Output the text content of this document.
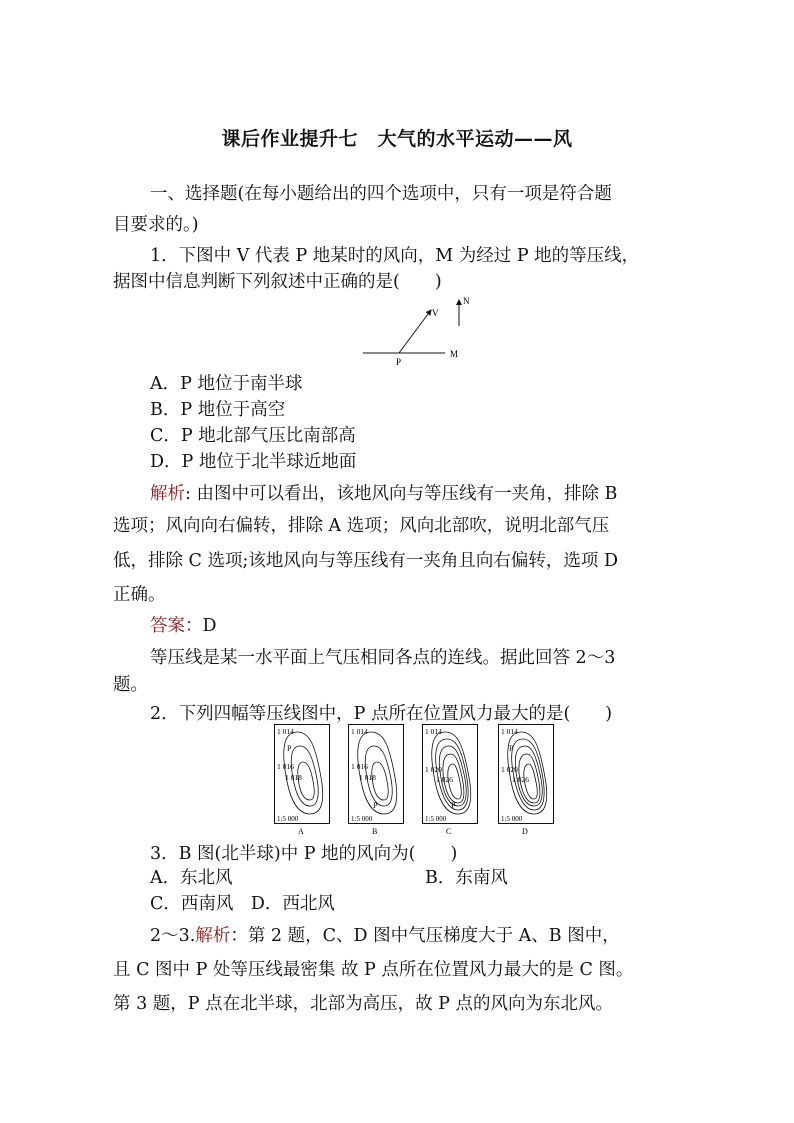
课后作业提升七　大气的水平运动——风
一、选择题(在每小题给出的四个选项中，只有一项是符合题
目要求的。)
1．下图中 V 代表 P 地某时的风向，M 为经过 P 地的等压线，
据图中信息判断下列叙述中正确的是(　　)
V
N
P
M
A．P 地位于南半球
B．P 地位于高空
C．P 地北部气压比南部高
D．P 地位于北半球近地面
解析: 由图中可以看出，该地风向与等压线有一夹角，排除 B
选项；风向向右偏转，排除 A 选项；风向北部吹，说明北部气压
低，排除 C 选项;该地风向与等压线有一夹角且向右偏转，选项 D
正确。
答案：D
等压线是某一水平面上气压相同各点的连线。据此回答 2～3
题。
2．下列四幅等压线图中，P 点所在位置风力最大的是(　　)
1 014
P
1 016
1 018
1:5 000
A
1 014
1 016
1 018
P
1:5 000
B
1 014
1 020
1 026
P
1:5 000
C
1 014
P
1 020
1 026
1:5 000
D
3．B 图(北半球)中 P 地的风向为(　　)
A．东北风	B．东南风
C．西南风　D．西北风
2～3.解析：第 2 题，C、D 图中气压梯度大于 A、B 图中，
且 C 图中 P 处等压线最密集 故 P 点所在位置风力最大的是 C 图。
第 3 题，P 点在北半球，北部为高压，故 P 点的风向为东北风。
